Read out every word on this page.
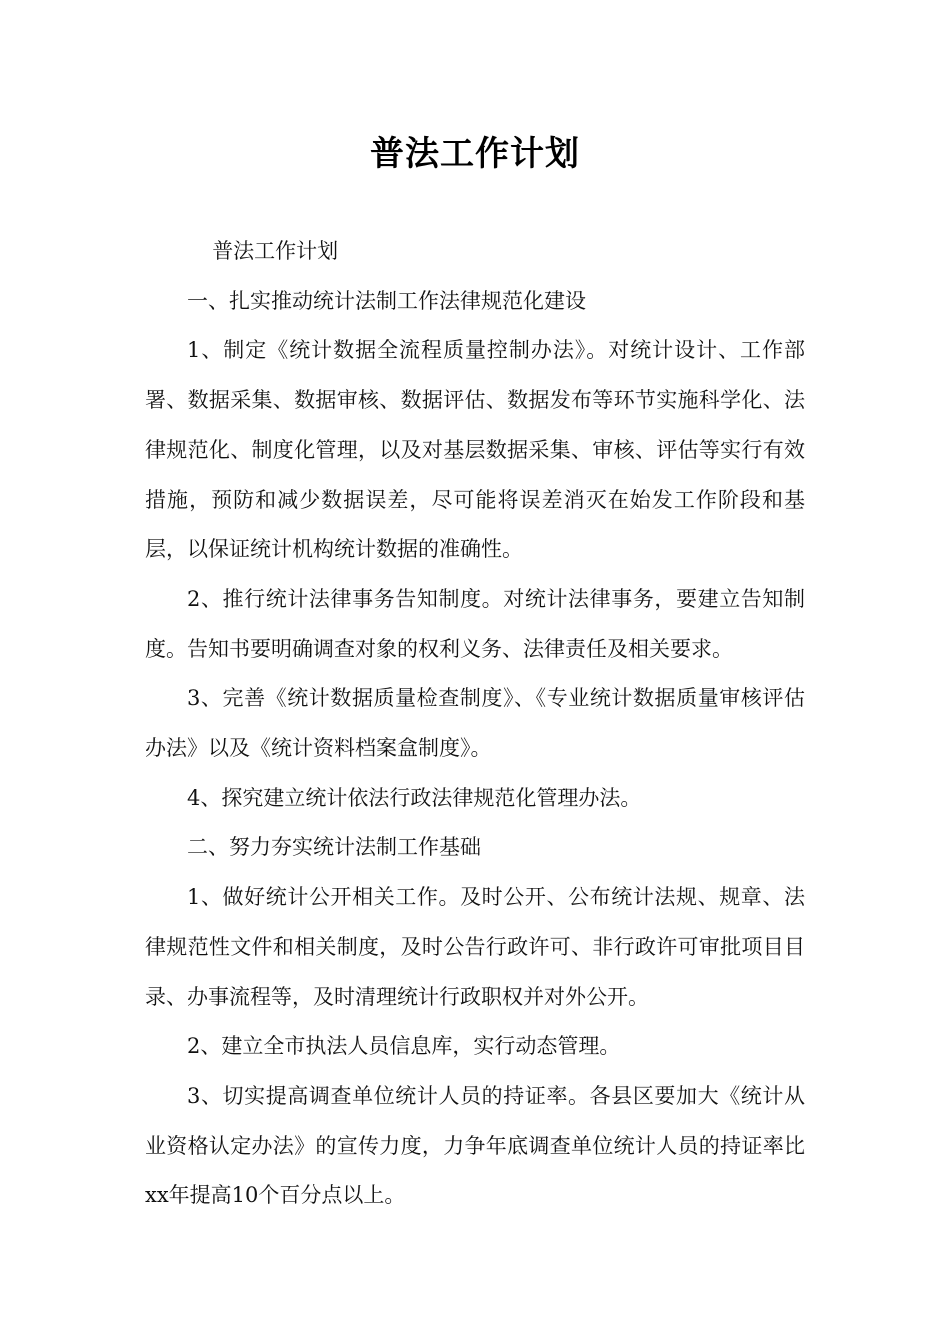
普法工作计划

普法工作计划

一、扎实推动统计法制工作法律规范化建设

1、制定《统计数据全流程质量控制办法》。对统计设计、工作部署、数据采集、数据审核、数据评估、数据发布等环节实施科学化、法律规范化、制度化管理，以及对基层数据采集、审核、评估等实行有效措施，预防和减少数据误差，尽可能将误差消灭在始发工作阶段和基层，以保证统计机构统计数据的准确性。

2、推行统计法律事务告知制度。对统计法律事务，要建立告知制度。告知书要明确调查对象的权利义务、法律责任及相关要求。

3、完善《统计数据质量检查制度》、《专业统计数据质量审核评估办法》以及《统计资料档案盒制度》。

4、探究建立统计依法行政法律规范化管理办法。

二、努力夯实统计法制工作基础

1、做好统计公开相关工作。及时公开、公布统计法规、规章、法律规范性文件和相关制度，及时公告行政许可、非行政许可审批项目目录、办事流程等，及时清理统计行政职权并对外公开。

2、建立全市执法人员信息库，实行动态管理。

3、切实提高调查单位统计人员的持证率。各县区要加大《统计从业资格认定办法》的宣传力度，力争年底调查单位统计人员的持证率比xx年提高10个百分点以上。
